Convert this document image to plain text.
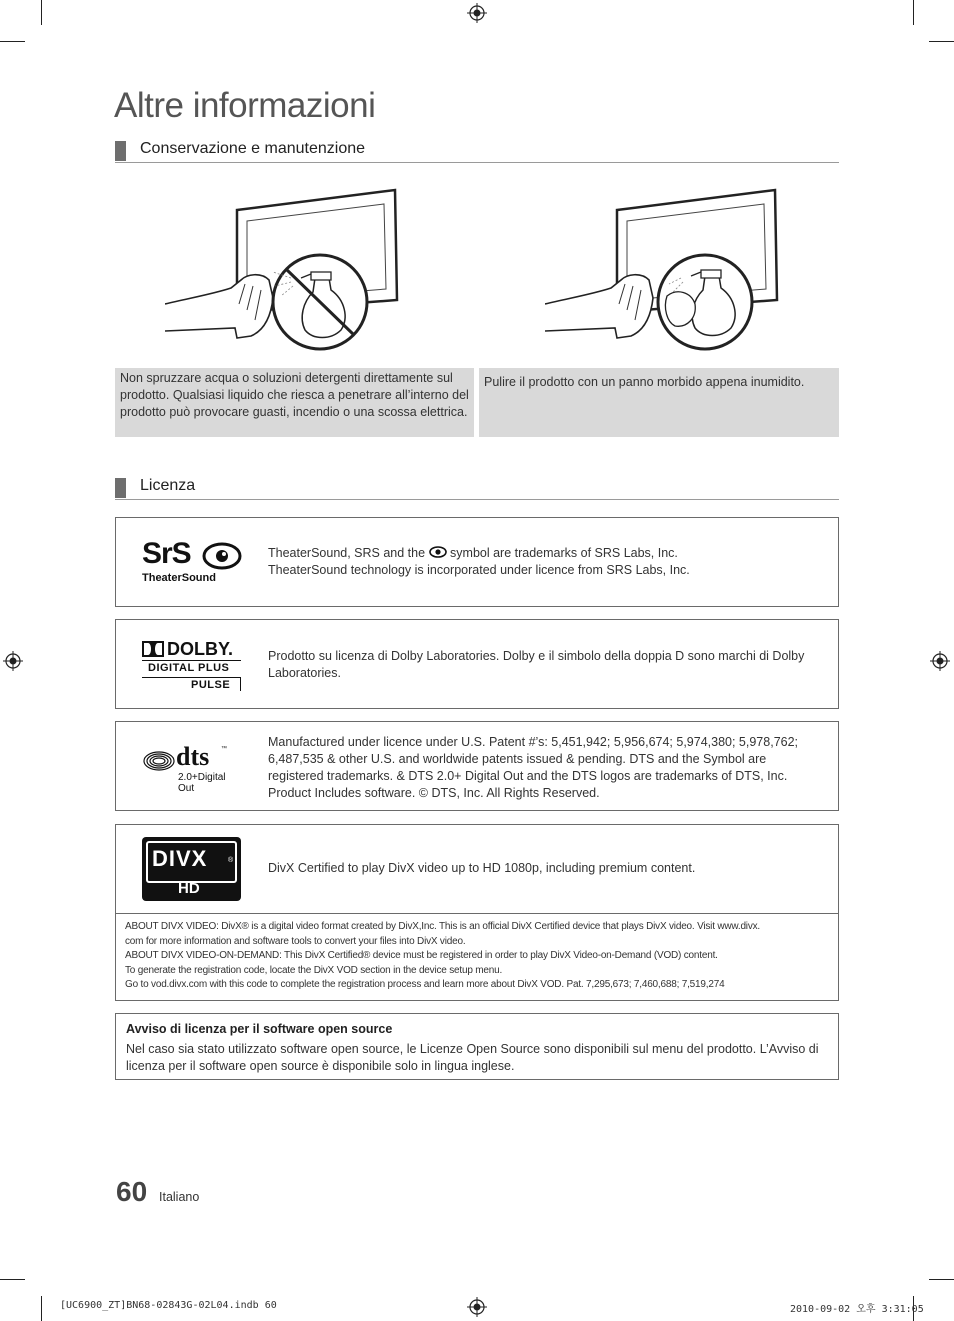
Altre informazioni
Conservazione e manutenzione
Non spruzzare acqua o soluzioni detergenti direttamente sul prodotto. Qualsiasi liquido che riesca a penetrare all’interno del prodotto può provocare guasti, incendio o una scossa elettrica.
Pulire il prodotto con un panno morbido appena inumidito.
Licenza
SrS
TheaterSound
TheaterSound, SRS and the symbol are trademarks of SRS Labs, Inc.
TheaterSound technology is incorporated under licence from SRS Labs, Inc.
DOLBY.
DIGITAL PLUS
PULSE
Prodotto su licenza di Dolby Laboratories. Dolby e il simbolo della doppia D sono marchi di Dolby Laboratories.
dts ™
2.0+Digital Out
Manufactured under licence under U.S. Patent #’s: 5,451,942; 5,956,674; 5,974,380; 5,978,762; 6,487,535 & other U.S. and worldwide patents issued & pending. DTS and the Symbol are registered trademarks. & DTS 2.0+ Digital Out and the DTS logos are trademarks of DTS, Inc. Product Includes software. © DTS, Inc. All Rights Reserved.
DIVX	®
HD
DivX Certified to play DivX video up to HD 1080p, including premium content.
ABOUT DIVX VIDEO: DivX® is a digital video format created by DivX,Inc. This is an official DivX Certified device that plays DivX video. Visit www.divx.
com for more information and software tools to convert your files into DivX video.
ABOUT DIVX VIDEO-ON-DEMAND: This DivX Certified® device must be registered in order to play DivX Video-on-Demand (VOD) content.
To generate the registration code, locate the DivX VOD section in the device setup menu.
Go to vod.divx.com with this code to complete the registration process and learn more about DivX VOD. Pat. 7,295,673; 7,460,688; 7,519,274
Avviso di licenza per il software open source
Nel caso sia stato utilizzato software open source, le Licenze Open Source sono disponibili sul menu del prodotto. L’Avviso di licenza per il software open source è disponibile solo in lingua inglese.
60 Italiano
[UC6900_ZT]BN68-02843G-02L04.indb 60	2010-09-02 오후 3:31:05
